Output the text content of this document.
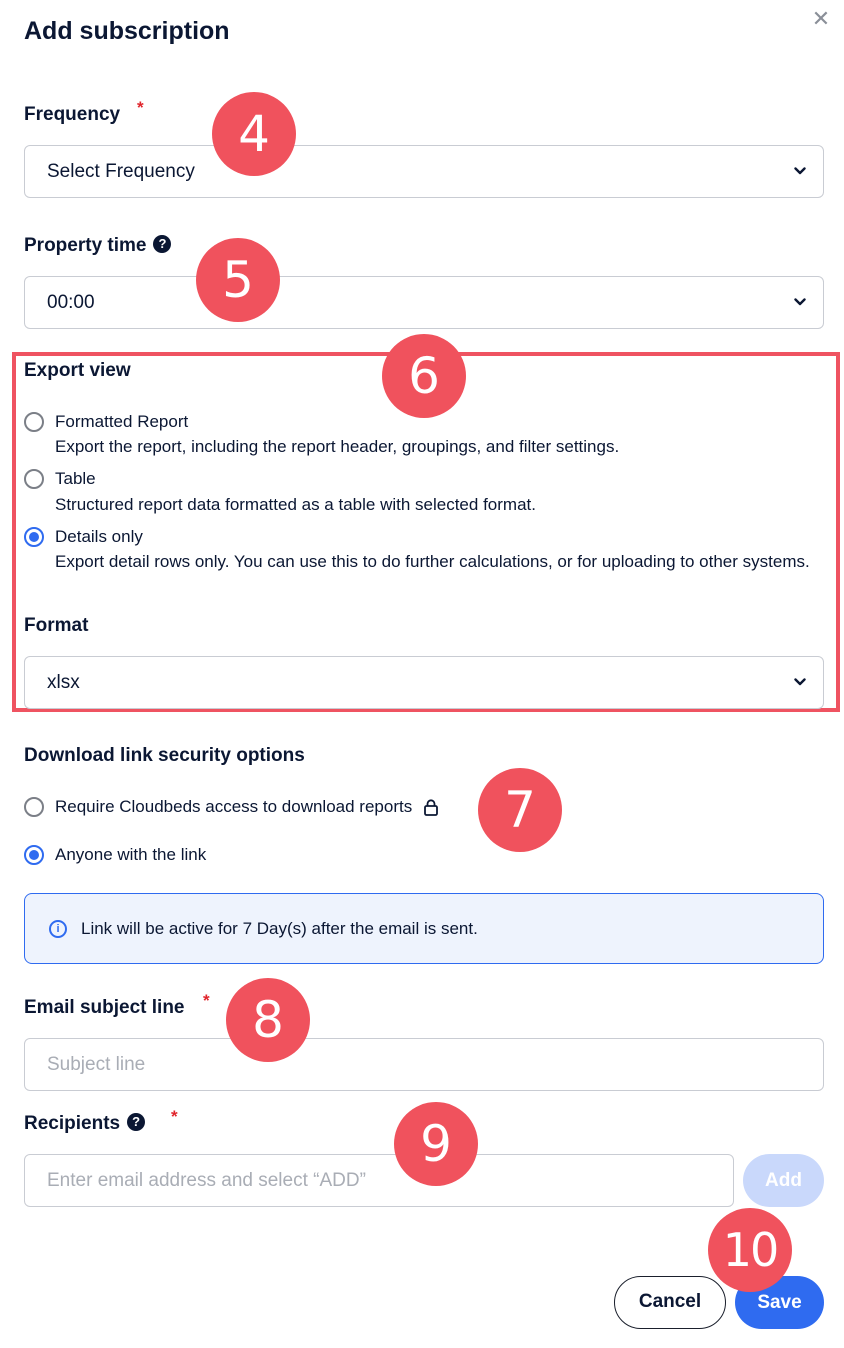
Add subscription	✕
Frequency *
Select Frequency
Property time ?
00:00
Export view
Formatted Report
Export the report, including the report header, groupings, and filter settings.
Table
Structured report data formatted as a table with selected format.
Details only
Export detail rows only. You can use this to do further calculations, or for uploading to other systems.
Format
xlsx
Download link security options
Require Cloudbeds access to download reports
Anyone with the link
i	Link will be active for 7 Day(s) after the email is sent.
Email subject line *
Subject line
Recipients ? *
Enter email address and select “ADD”
Add
Cancel	Save
4
5
6
7
8
9
10
